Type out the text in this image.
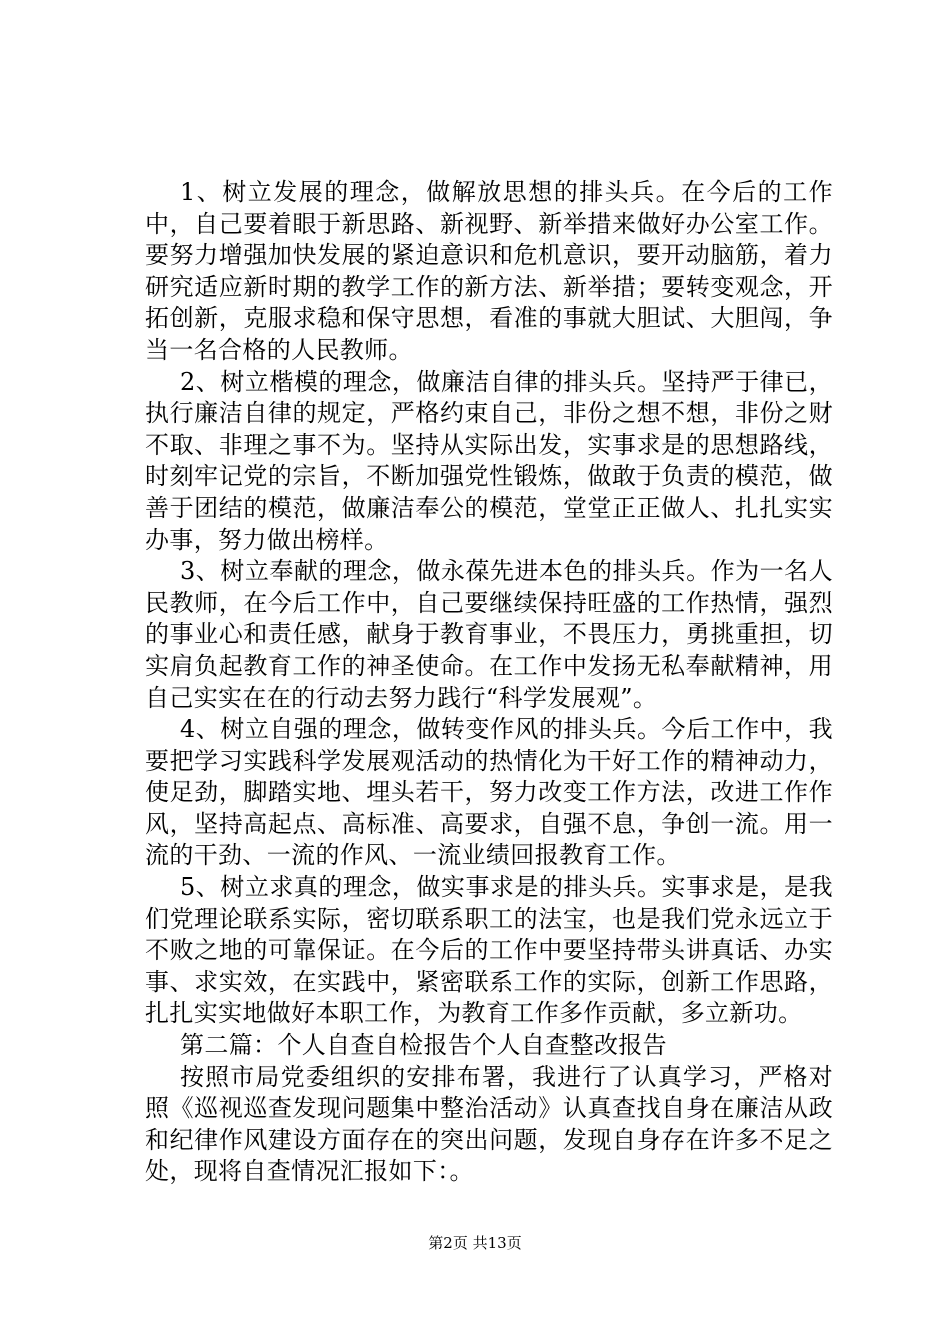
1、树立发展的理念，做解放思想的排头兵。在今后的工作中，自己要着眼于新思路、新视野、新举措来做好办公室工作。要努力增强加快发展的紧迫意识和危机意识，要开动脑筋，着力研究适应新时期的教学工作的新方法、新举措；要转变观念，开拓创新，克服求稳和保守思想，看准的事就大胆试、大胆闯，争当一名合格的人民教师。

2、树立楷模的理念，做廉洁自律的排头兵。坚持严于律已，执行廉洁自律的规定，严格约束自己，非份之想不想，非份之财不取、非理之事不为。坚持从实际出发，实事求是的思想路线，时刻牢记党的宗旨，不断加强党性锻炼，做敢于负责的模范，做善于团结的模范，做廉洁奉公的模范，堂堂正正做人、扎扎实实办事，努力做出榜样。

3、树立奉献的理念，做永葆先进本色的排头兵。作为一名人民教师，在今后工作中，自己要继续保持旺盛的工作热情，强烈的事业心和责任感，献身于教育事业，不畏压力，勇挑重担，切实肩负起教育工作的神圣使命。在工作中发扬无私奉献精神，用自己实实在在的行动去努力践行“科学发展观”。

4、树立自强的理念，做转变作风的排头兵。今后工作中，我要把学习实践科学发展观活动的热情化为干好工作的精神动力，使足劲，脚踏实地、埋头若干，努力改变工作方法，改进工作作风，坚持高起点、高标准、高要求，自强不息，争创一流。用一流的干劲、一流的作风、一流业绩回报教育工作。

5、树立求真的理念，做实事求是的排头兵。实事求是，是我们党理论联系实际，密切联系职工的法宝，也是我们党永远立于不败之地的可靠保证。在今后的工作中要坚持带头讲真话、办实事、求实效，在实践中，紧密联系工作的实际，创新工作思路，扎扎实实地做好本职工作，为教育工作多作贡献，多立新功。

第二篇：个人自查自检报告个人自查整改报告

按照市局党委组织的安排布署，我进行了认真学习，严格对照《巡视巡查发现问题集中整治活动》认真查找自身在廉洁从政和纪律作风建设方面存在的突出问题，发现自身存在许多不足之处，现将自查情况汇报如下：。

第2页 共13页
